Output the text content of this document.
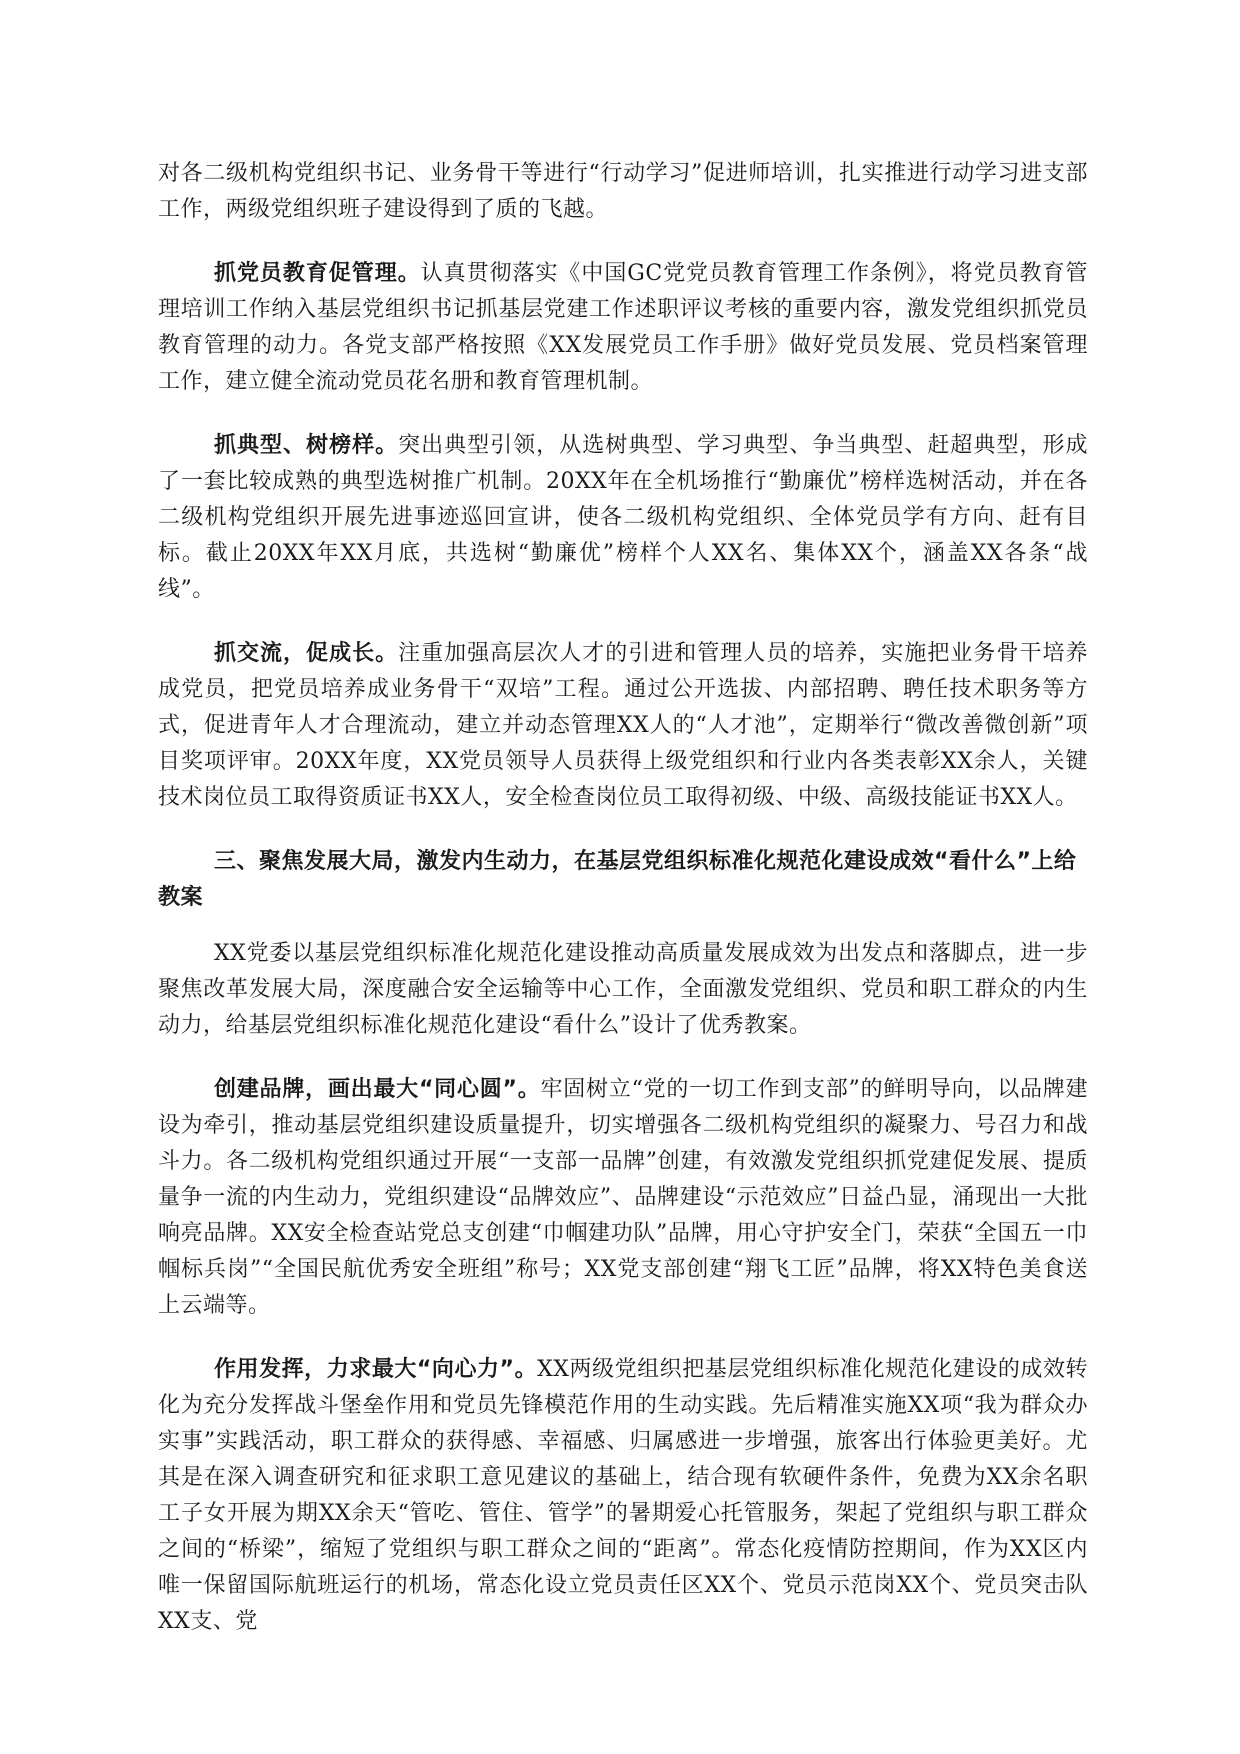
对各二级机构党组织书记、业务骨干等进行“行动学习”促进师培训，扎实推进行动学习进支部工作，两级党组织班子建设得到了质的飞越。

抓党员教育促管理。认真贯彻落实《中国GC党党员教育管理工作条例》，将党员教育管理培训工作纳入基层党组织书记抓基层党建工作述职评议考核的重要内容，激发党组织抓党员教育管理的动力。各党支部严格按照《XX发展党员工作手册》做好党员发展、党员档案管理工作，建立健全流动党员花名册和教育管理机制。

抓典型、树榜样。突出典型引领，从选树典型、学习典型、争当典型、赶超典型，形成了一套比较成熟的典型选树推广机制。20XX年在全机场推行“勤廉优”榜样选树活动，并在各二级机构党组织开展先进事迹巡回宣讲，使各二级机构党组织、全体党员学有方向、赶有目标。截止20XX年XX月底，共选树“勤廉优”榜样个人XX名、集体XX个，涵盖XX各条“战线”。

抓交流，促成长。注重加强高层次人才的引进和管理人员的培养，实施把业务骨干培养成党员，把党员培养成业务骨干“双培”工程。通过公开选拔、内部招聘、聘任技术职务等方式，促进青年人才合理流动，建立并动态管理XX人的“人才池”，定期举行“微改善微创新”项目奖项评审。20XX年度，XX党员领导人员获得上级党组织和行业内各类表彰XX余人，关键技术岗位员工取得资质证书XX人，安全检查岗位员工取得初级、中级、高级技能证书XX人。

三、聚焦发展大局，激发内生动力，在基层党组织标准化规范化建设成效“看什么”上给教案

XX党委以基层党组织标准化规范化建设推动高质量发展成效为出发点和落脚点，进一步聚焦改革发展大局，深度融合安全运输等中心工作，全面激发党组织、党员和职工群众的内生动力，给基层党组织标准化规范化建设“看什么”设计了优秀教案。

创建品牌，画出最大“同心圆”。牢固树立“党的一切工作到支部”的鲜明导向，以品牌建设为牵引，推动基层党组织建设质量提升，切实增强各二级机构党组织的凝聚力、号召力和战斗力。各二级机构党组织通过开展“一支部一品牌”创建，有效激发党组织抓党建促发展、提质量争一流的内生动力，党组织建设“品牌效应”、品牌建设“示范效应”日益凸显，涌现出一大批响亮品牌。XX安全检查站党总支创建“巾帼建功队”品牌，用心守护安全门，荣获“全国五一巾帼标兵岗”“全国民航优秀安全班组”称号；XX党支部创建“翔飞工匠”品牌，将XX特色美食送上云端等。

作用发挥，力求最大“向心力”。XX两级党组织把基层党组织标准化规范化建设的成效转化为充分发挥战斗堡垒作用和党员先锋模范作用的生动实践。先后精准实施XX项“我为群众办实事”实践活动，职工群众的获得感、幸福感、归属感进一步增强，旅客出行体验更美好。尤其是在深入调查研究和征求职工意见建议的基础上，结合现有软硬件条件，免费为XX余名职工子女开展为期XX余天“管吃、管住、管学”的暑期爱心托管服务，架起了党组织与职工群众之间的“桥梁”，缩短了党组织与职工群众之间的“距离”。常态化疫情防控期间，作为XX区内唯一保留国际航班运行的机场，常态化设立党员责任区XX个、党员示范岗XX个、党员突击队XX支、党
